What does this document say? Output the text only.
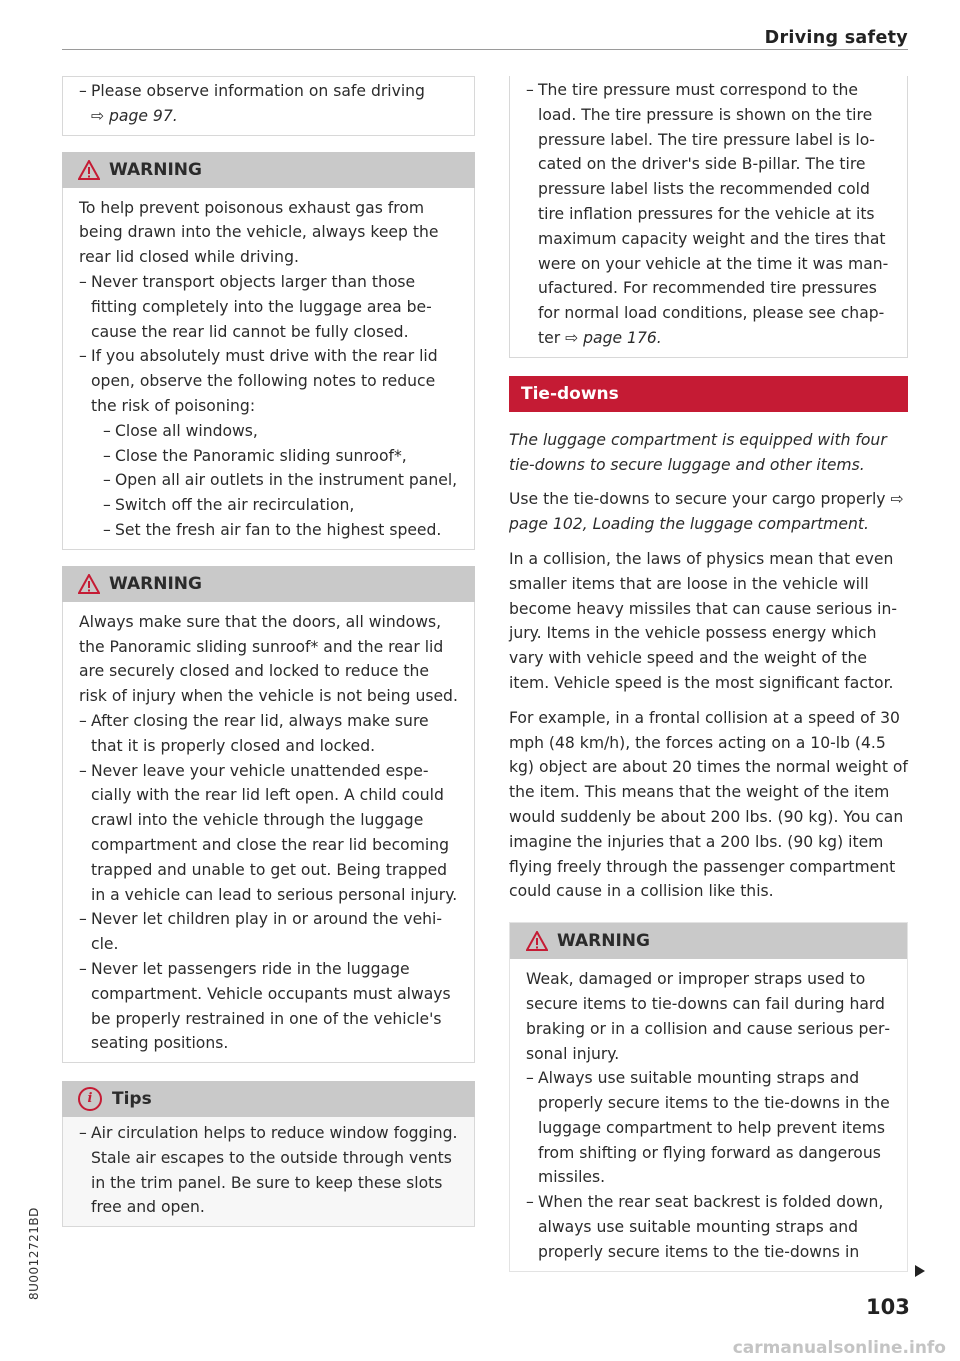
Driving safety
– Please observe information on safe driving
⇨ page 97.
WARNING

To help prevent poisonous exhaust gas from being drawn into the vehicle, always keep the rear lid closed while driving.

– Never transport objects larger than those fitting completely into the luggage area because the rear lid cannot be fully closed.
– If you absolutely must drive with the rear lid open, observe the following notes to reduce the risk of poisoning:
– Close all windows,
– Close the Panoramic sliding sunroof*,
– Open all air outlets in the instrument panel,
– Switch off the air recirculation,
– Set the fresh air fan to the highest speed.
WARNING

Always make sure that the doors, all windows, the Panoramic sliding sunroof* and the rear lid are securely closed and locked to reduce the risk of injury when the vehicle is not being used.

– After closing the rear lid, always make sure that it is properly closed and locked.
– Never leave your vehicle unattended especially with the rear lid left open. A child could crawl into the vehicle through the luggage compartment and close the rear lid becoming trapped and unable to get out. Being trapped in a vehicle can lead to serious personal injury.
– Never let children play in or around the vehicle.
– Never let passengers ride in the luggage compartment. Vehicle occupants must always be properly restrained in one of the vehicle's seating positions.
i	Tips
– Air circulation helps to reduce window fogging. Stale air escapes to the outside through vents in the trim panel. Be sure to keep these slots free and open.
– The tire pressure must correspond to the load. The tire pressure is shown on the tire pressure label. The tire pressure label is located on the driver's side B-pillar. The tire pressure label lists the recommended cold tire inflation pressures for the vehicle at its maximum capacity weight and the tires that were on your vehicle at the time it was manufactured. For recommended tire pressures for normal load conditions, please see chapter ⇨ page 176.
Tie-downs

The luggage compartment is equipped with four tie-downs to secure luggage and other items.

Use the tie-downs to secure your cargo properly ⇨ page 102, Loading the luggage compartment.

In a collision, the laws of physics mean that even smaller items that are loose in the vehicle will become heavy missiles that can cause serious injury. Items in the vehicle possess energy which vary with vehicle speed and the weight of the item. Vehicle speed is the most significant factor.

For example, in a frontal collision at a speed of 30 mph (48 km/h), the forces acting on a 10-lb (4.5 kg) object are about 20 times the normal weight of the item. This means that the weight of the item would suddenly be about 200 lbs. (90 kg). You can imagine the injuries that a 200 lbs. (90 kg) item flying freely through the passenger compartment could cause in a collision like this.

WARNING

Weak, damaged or improper straps used to secure items to tie-downs can fail during hard braking or in a collision and cause serious personal injury.

– Always use suitable mounting straps and properly secure items to the tie-downs in the luggage compartment to help prevent items from shifting or flying forward as dangerous missiles.
– When the rear seat backrest is folded down, always use suitable mounting straps and properly secure items to the tie-downs in
103
8U0012721BD
carmanualsonline.info
